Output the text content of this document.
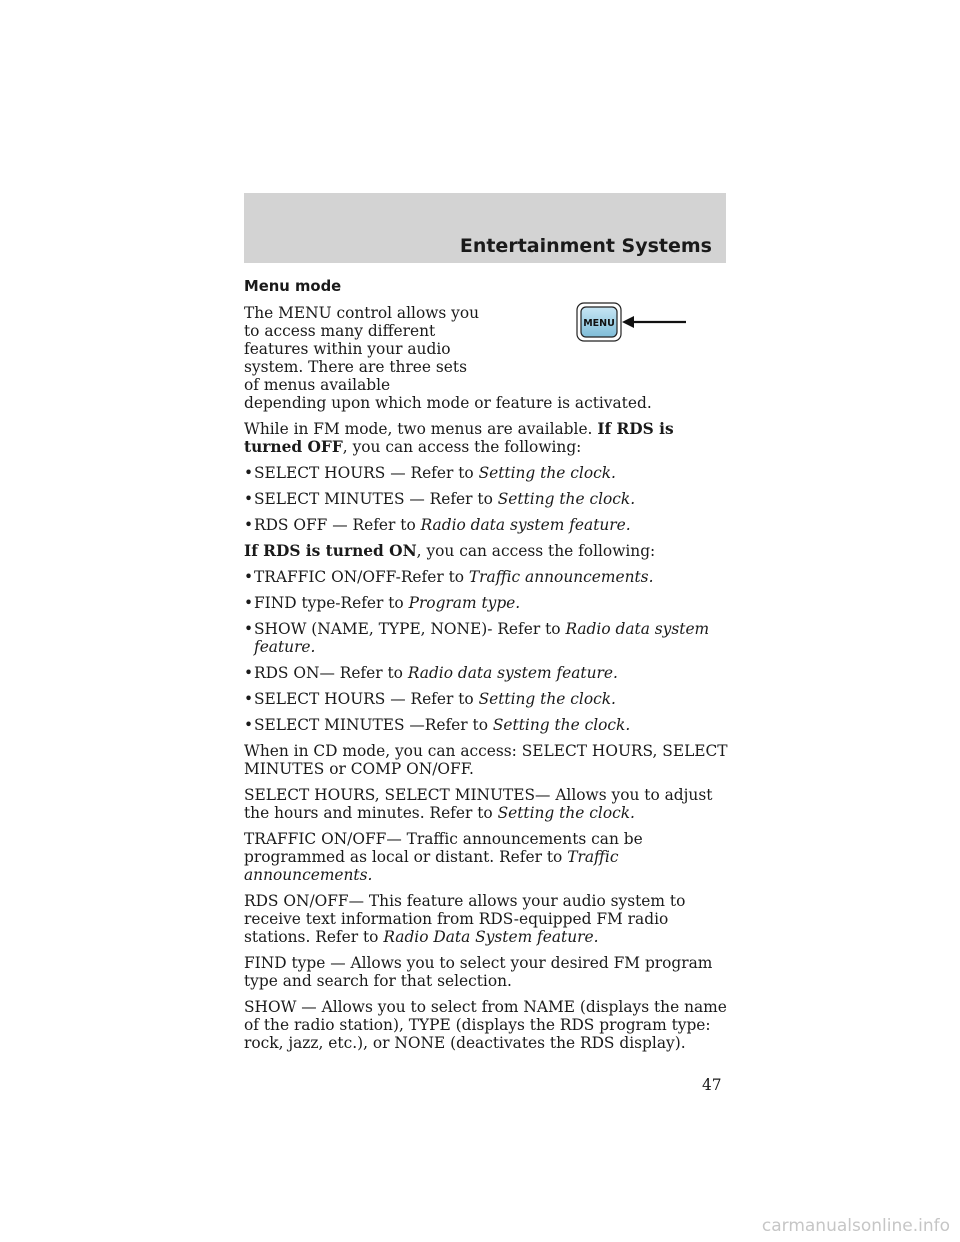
Entertainment Systems
MENU
Menu mode

The MENU control allows you to access many different features within your audio system. There are three sets of menus available

depending upon which mode or feature is activated.

While in FM mode, two menus are available. If RDS is turned OFF, you can access the following:

• SELECT HOURS — Refer to Setting the clock.
• SELECT MINUTES — Refer to Setting the clock.
• RDS OFF — Refer to Radio data system feature.

If RDS is turned ON, you can access the following:

• TRAFFIC ON/OFF-Refer to Traffic announcements.
• FIND type-Refer to Program type.
• SHOW (NAME, TYPE, NONE)- Refer to Radio data system feature.
• RDS ON— Refer to Radio data system feature.
• SELECT HOURS — Refer to Setting the clock.
• SELECT MINUTES —Refer to Setting the clock.

When in CD mode, you can access: SELECT HOURS, SELECT MINUTES or COMP ON/OFF.

SELECT HOURS, SELECT MINUTES— Allows you to adjust the hours and minutes. Refer to Setting the clock.

TRAFFIC ON/OFF— Traffic announcements can be programmed as local or distant. Refer to Traffic announcements.

RDS ON/OFF— This feature allows your audio system to receive text information from RDS-equipped FM radio stations. Refer to Radio Data System feature.

FIND type — Allows you to select your desired FM program type and search for that selection.

SHOW — Allows you to select from NAME (displays the name of the radio station), TYPE (displays the RDS program type: rock, jazz, etc.), or NONE (deactivates the RDS display).

47
carmanualsonline.info
